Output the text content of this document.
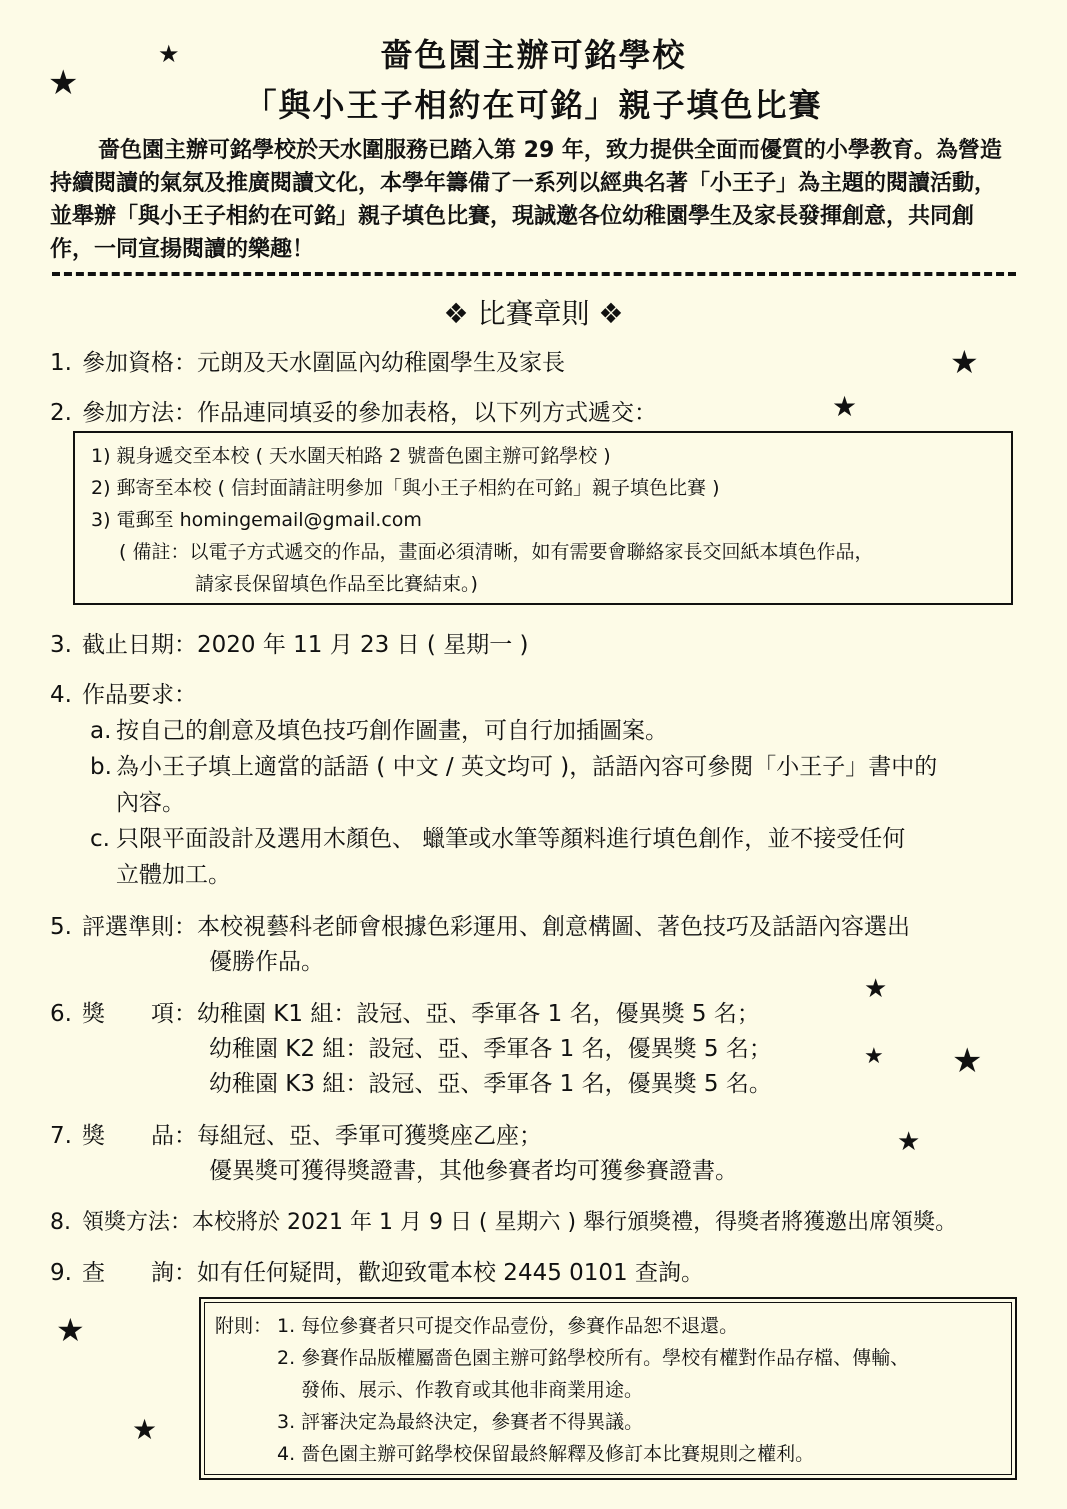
★
★
★
★
★
★ ★
★
★
★
嗇色園主辦可銘學校
「與小王子相約在可銘」親子填色比賽

嗇色園主辦可銘學校於天水圍服務已踏入第 29 年，致力提供全面而優質的小學教育。為營造持續閱讀的氣氛及推廣閱讀文化，本學年籌備了一系列以經典名著「小王子」為主題的閱讀活動，並舉辦「與小王子相約在可銘」親子填色比賽，現誠邀各位幼稚園學生及家長發揮創意，共同創作，一同宣揚閱讀的樂趣！

❖ 比賽章則 ❖
1. 參加資格：元朗及天水圍區內幼稚園學生及家長
2. 參加方法：作品連同填妥的參加表格，以下列方式遞交：
1) 親身遞交至本校 ( 天水圍天柏路 2 號嗇色園主辦可銘學校 )
2) 郵寄至本校 ( 信封面請註明參加「與小王子相約在可銘」親子填色比賽 )
3) 電郵至 homingemail@gmail.com
( 備註：以電子方式遞交的作品，畫面必須清晰，如有需要會聯絡家長交回紙本填色作品，
請家長保留填色作品至比賽結束。)
3. 截止日期：2020 年 11 月 23 日 ( 星期一 )
4. 作品要求：
a. 按自己的創意及填色技巧創作圖畫，可自行加插圖案。
b. 為小王子填上適當的話語 ( 中文 / 英文均可 )，話語內容可參閱「小王子」書中的
內容。
c. 只限平面設計及選用木顏色、 蠟筆或水筆等顏料進行填色創作，並不接受任何
立體加工。
5. 評選準則：本校視藝科老師會根據色彩運用、創意構圖、著色技巧及話語內容選出
優勝作品。
6. 獎　　項：幼稚園 K1 組：設冠、亞、季軍各 1 名，優異獎 5 名；
幼稚園 K2 組：設冠、亞、季軍各 1 名，優異獎 5 名；
幼稚園 K3 組：設冠、亞、季軍各 1 名，優異獎 5 名。
7. 獎　　品：每組冠、亞、季軍可獲獎座乙座；
優異獎可獲得獎證書，其他參賽者均可獲參賽證書。
8. 領獎方法：本校將於 2021 年 1 月 9 日 ( 星期六 ) 舉行頒獎禮，得獎者將獲邀出席領獎。
9. 查　　詢：如有任何疑問，歡迎致電本校 2445 0101 查詢。
附則： 1. 每位參賽者只可提交作品壹份，參賽作品恕不退還。
2. 參賽作品版權屬嗇色園主辦可銘學校所有。學校有權對作品存檔、傳輸、
發佈、展示、作教育或其他非商業用途。
3. 評審決定為最終決定，參賽者不得異議。
4. 嗇色園主辦可銘學校保留最終解釋及修訂本比賽規則之權利。
